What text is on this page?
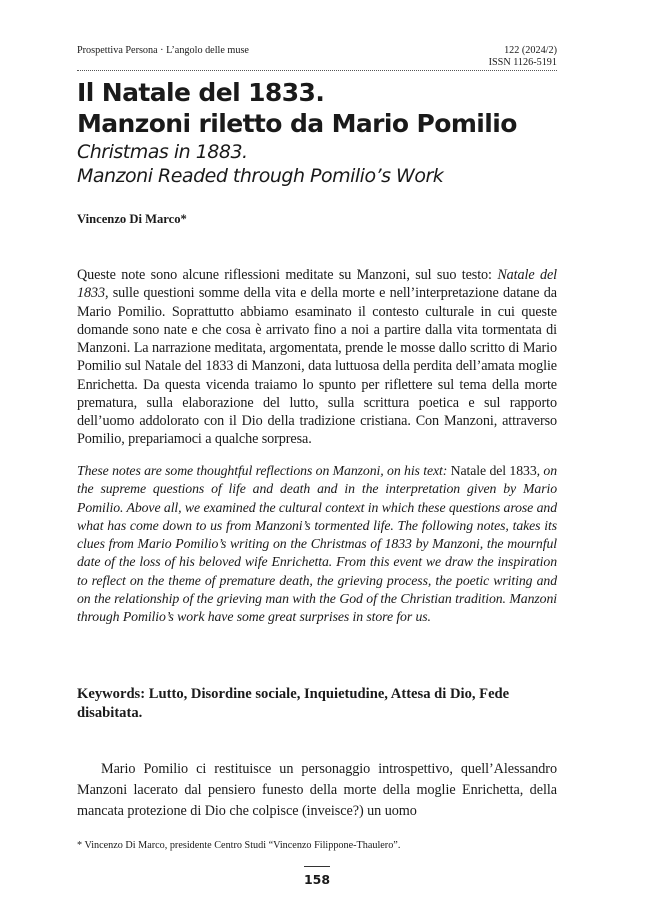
Prospettiva Persona · L’angolo delle muse	122 (2024/2)
ISSN 1126-5191
Il Natale del 1833.
Manzoni riletto da Mario Pomilio
Christmas in 1883.
Manzoni Readed through Pomilio’s Work
Vincenzo Di Marco*

Queste note sono alcune riflessioni meditate su Manzoni, sul suo testo: Natale del 1833, sulle questioni somme della vita e della morte e nell’interpretazione datane da Mario Pomilio. Soprattutto abbiamo esaminato il contesto culturale in cui queste domande sono nate e che cosa è arrivato fino a noi a partire dalla vita tormentata di Manzoni. La narrazione meditata, argomentata, prende le mosse dallo scritto di Mario Pomilio sul Natale del 1833 di Manzoni, data luttuosa della perdita dell’amata moglie Enrichetta. Da questa vicenda traiamo lo spunto per riflettere sul tema della morte prematura, sulla elaborazione del lutto, sulla scrittura poetica e sul rapporto dell’uomo addolorato con il Dio della tradizione cristiana. Con Manzoni, attraverso Pomilio, prepariamoci a qualche sorpresa.

These notes are some thoughtful reflections on Manzoni, on his text: Natale del 1833, on the supreme questions of life and death and in the interpretation given by Mario Pomilio. Above all, we examined the cultural context in which these questions arose and what has come down to us from Manzoni’s tormented life. The following notes, takes its clues from Mario Pomilio’s writing on the Christmas of 1833 by Manzoni, the mournful date of the loss of his beloved wife Enrichetta. From this event we draw the inspiration to reflect on the theme of premature death, the grieving process, the poetic writing and on the relationship of the grieving man with the God of the Christian tradition. Manzoni through Pomilio’s work have some great surprises in store for us.

Keywords: Lutto, Disordine sociale, Inquietudine, Attesa di Dio, Fede disabitata.

Mario Pomilio ci restituisce un personaggio introspettivo, quell’Alessandro Manzoni lacerato dal pensiero funesto della morte della moglie Enrichetta, della mancata protezione di Dio che colpisce (inveisce?) un uomo

* Vincenzo Di Marco, presidente Centro Studi “Vincenzo Filippone-Thaulero”.
158
